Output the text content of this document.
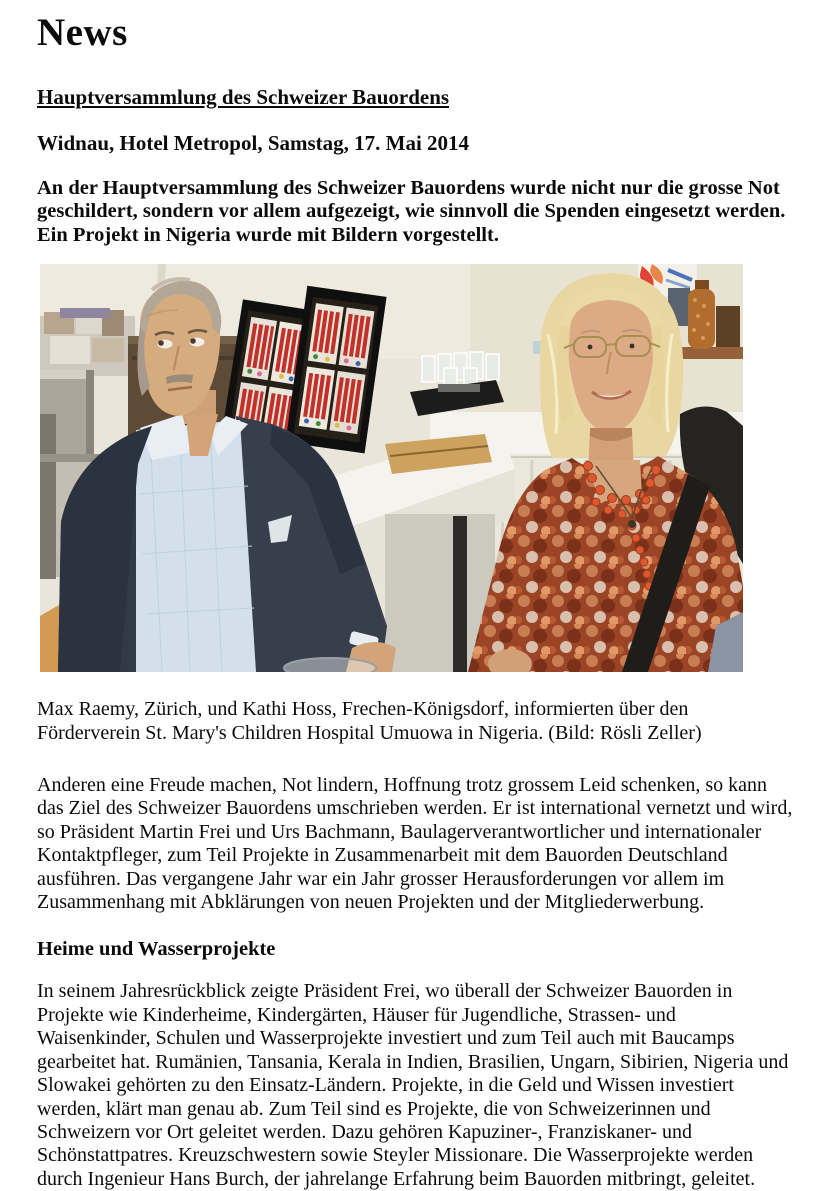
News
Hauptversammlung des Schweizer Bauordens
Widnau, Hotel Metropol, Samstag, 17. Mai 2014
An der Hauptversammlung des Schweizer Bauordens wurde nicht nur die grosse Not
geschildert, sondern vor allem aufgezeigt, wie sinnvoll die Spenden eingesetzt werden.
Ein Projekt in Nigeria wurde mit Bildern vorgestellt.
Max Raemy, Zürich, und Kathi Hoss, Frechen-Königsdorf, informierten über den
Förderverein St. Mary's Children Hospital Umuowa in Nigeria. (Bild: Rösli Zeller)
Anderen eine Freude machen, Not lindern, Hoffnung trotz grossem Leid schenken, so kann
das Ziel des Schweizer Bauordens umschrieben werden. Er ist international vernetzt und wird,
so Präsident Martin Frei und Urs Bachmann, Baulagerverantwortlicher und internationaler
Kontaktpfleger, zum Teil Projekte in Zusammenarbeit mit dem Bauorden Deutschland
ausführen. Das vergangene Jahr war ein Jahr grosser Herausforderungen vor allem im
Zusammenhang mit Abklärungen von neuen Projekten und der Mitgliederwerbung.
Heime und Wasserprojekte
In seinem Jahresrückblick zeigte Präsident Frei, wo überall der Schweizer Bauorden in
Projekte wie Kinderheime, Kindergärten, Häuser für Jugendliche, Strassen- und
Waisenkinder, Schulen und Wasserprojekte investiert und zum Teil auch mit Baucamps
gearbeitet hat. Rumänien, Tansania, Kerala in Indien, Brasilien, Ungarn, Sibirien, Nigeria und
Slowakei gehörten zu den Einsatz-Ländern. Projekte, in die Geld und Wissen investiert
werden, klärt man genau ab. Zum Teil sind es Projekte, die von Schweizerinnen und
Schweizern vor Ort geleitet werden. Dazu gehören Kapuziner-, Franziskaner- und
Schönstattpatres. Kreuzschwestern sowie Steyler Missionare. Die Wasserprojekte werden
durch Ingenieur Hans Burch, der jahrelange Erfahrung beim Bauorden mitbringt, geleitet.
